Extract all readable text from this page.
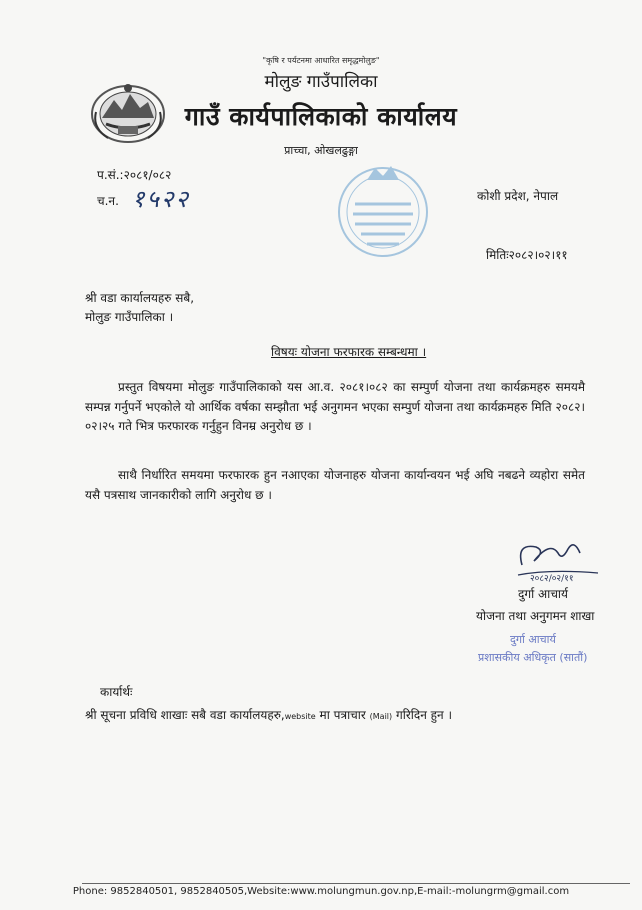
"कृषि र पर्यटनमा आधारित समृद्धमोलुङ"
मोलुङ गाउँपालिका
गाउँ कार्यपालिकाको कार्यालय
प्राच्चा, ओखलढुङ्गा
प.सं.:२०८१/०८२
च.न. १५२२	कोशी प्रदेश, नेपाल
मितिः२०८२।०२।११
श्री वडा कार्यालयहरु सबै,
मोलुङ गाउँपालिका ।
विषयः योजना फरफारक सम्बन्धमा ।
प्रस्तुत विषयमा मोलुङ गाउँपालिकाको यस आ.व. २०८१।०८२ का सम्पुर्ण योजना तथा कार्यक्रमहरु समयमै सम्पन्न गर्नुपर्ने भएकोले यो आर्थिक वर्षका सम्झौता भई अनुगमन भएका सम्पुर्ण योजना तथा कार्यक्रमहरु मिति २०८२।०२।२५ गते भित्र फरफारक गर्नुहुन विनम्र अनुरोध छ ।
साथै निर्धारित समयमा फरफारक हुन नआएका योजनाहरु योजना कार्यान्वयन भई अघि नबढने व्यहोरा समेत यसै पत्रसाथ जानकारीको लागि अनुरोध छ ।
२०८२/०२/११
दुर्गा आचार्य
योजना तथा अनुगमन शाखा
दुर्गा आचार्य
प्रशासकीय अधिकृत (सातौं)
कार्यार्थः
श्री सूचना प्रविधि शाखाः सबै वडा कार्यालयहरु,website मा पत्राचार (Mail) गरिदिन हुन ।
Phone: 9852840501, 9852840505,Website:www.molungmun.gov.np,E-mail:-molungrm@gmail.com
